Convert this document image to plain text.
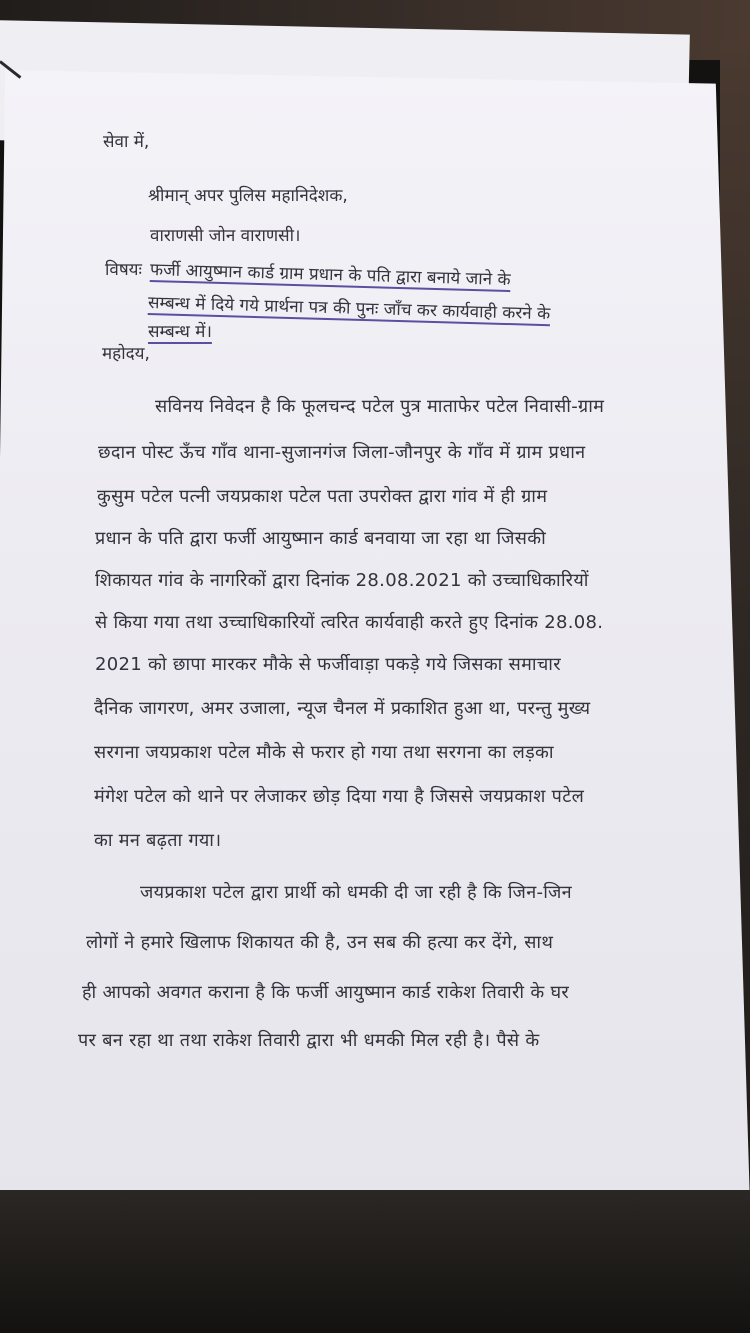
सेवा में,
श्रीमान् अपर पुलिस महानिदेशक,
वाराणसी जोन वाराणसी।
विषयः फर्जी आयुष्मान कार्ड ग्राम प्रधान के पति द्वारा बनाये जाने के
सम्बन्ध में दिये गये प्रार्थना पत्र की पुनः जाँच कर कार्यवाही करने के
सम्बन्ध में।
महोदय,
सविनय निवेदन है कि फूलचन्द पटेल पुत्र माताफेर पटेल निवासी-ग्राम
छदान पोस्ट ऊँच गाँव थाना-सुजानगंज जिला-जौनपुर के गाँव में ग्राम प्रधान
कुसुम पटेल पत्नी जयप्रकाश पटेल पता उपरोक्त द्वारा गांव में ही ग्राम
प्रधान के पति द्वारा फर्जी आयुष्मान कार्ड बनवाया जा रहा था जिसकी
शिकायत गांव के नागरिकों द्वारा दिनांक 28.08.2021 को उच्चाधिकारियों
से किया गया तथा उच्चाधिकारियों त्वरित कार्यवाही करते हुए दिनांक 28.08.
2021 को छापा मारकर मौके से फर्जीवाड़ा पकड़े गये जिसका समाचार
दैनिक जागरण, अमर उजाला, न्यूज चैनल में प्रकाशित हुआ था, परन्तु मुख्य
सरगना जयप्रकाश पटेल मौके से फरार हो गया तथा सरगना का लड़का
मंगेश पटेल को थाने पर लेजाकर छोड़ दिया गया है जिससे जयप्रकाश पटेल
का मन बढ़ता गया।
जयप्रकाश पटेल द्वारा प्रार्थी को धमकी दी जा रही है कि जिन-जिन
लोगों ने हमारे खिलाफ शिकायत की है, उन सब की हत्या कर देंगे, साथ
ही आपको अवगत कराना है कि फर्जी आयुष्मान कार्ड राकेश तिवारी के घर
पर बन रहा था तथा राकेश तिवारी द्वारा भी धमकी मिल रही है। पैसे के
